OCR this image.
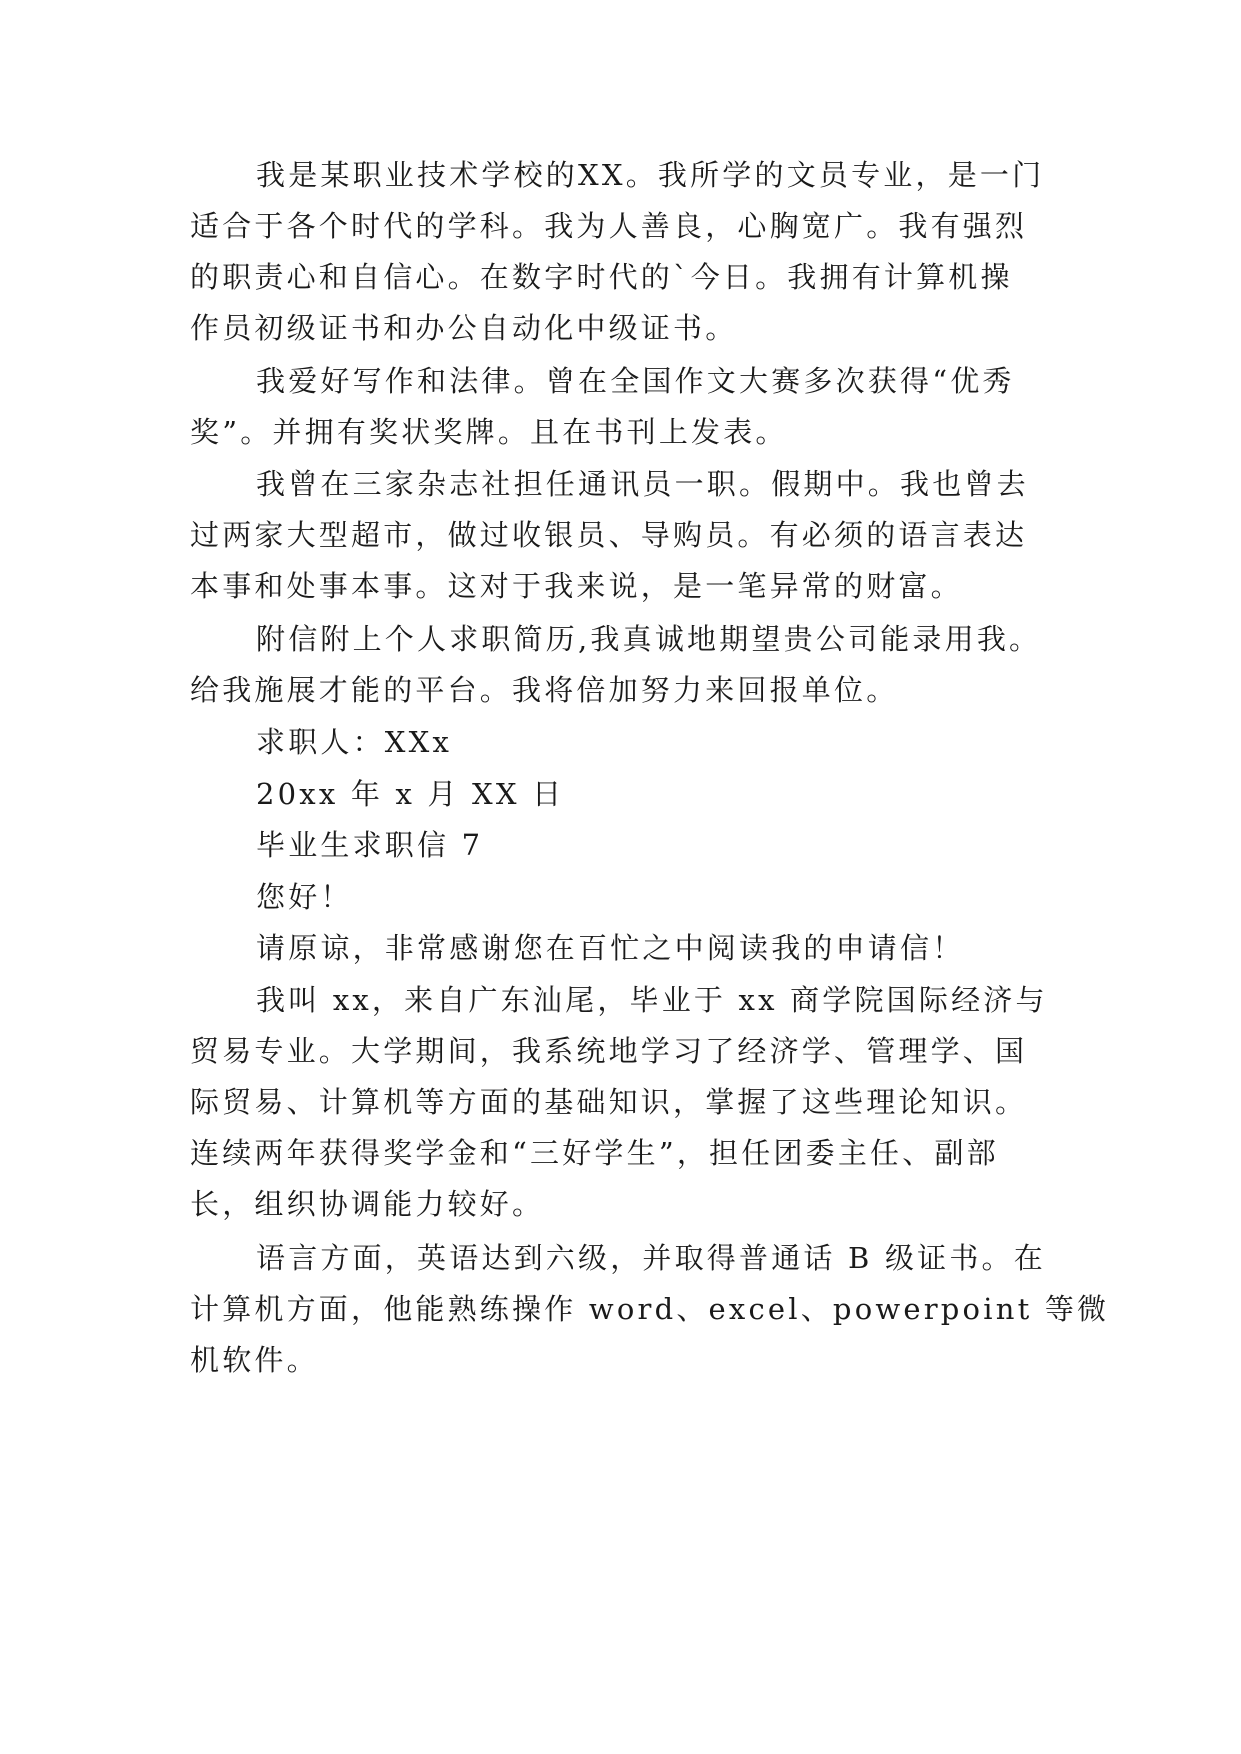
我是某职业技术学校的XX。我所学的文员专业，是一门
适合于各个时代的学科。我为人善良，心胸宽广。我有强烈
的职责心和自信心。在数字时代的`今日。我拥有计算机操
作员初级证书和办公自动化中级证书。
我爱好写作和法律。曾在全国作文大赛多次获得“优秀
奖”。并拥有奖状奖牌。且在书刊上发表。
我曾在三家杂志社担任通讯员一职。假期中。我也曾去
过两家大型超市，做过收银员、导购员。有必须的语言表达
本事和处事本事。这对于我来说，是一笔异常的财富。
附信附上个人求职简历,我真诚地期望贵公司能录用我。
给我施展才能的平台。我将倍加努力来回报单位。
求职人：XXx
20xx 年 x 月 XX 日
毕业生求职信 7
您好！
请原谅，非常感谢您在百忙之中阅读我的申请信！
我叫 xx，来自广东汕尾，毕业于 xx 商学院国际经济与
贸易专业。大学期间，我系统地学习了经济学、管理学、国
际贸易、计算机等方面的基础知识，掌握了这些理论知识。
连续两年获得奖学金和“三好学生”，担任团委主任、副部
长，组织协调能力较好。
语言方面，英语达到六级，并取得普通话 B 级证书。在
计算机方面，他能熟练操作 word、excel、powerpoint 等微
机软件。
